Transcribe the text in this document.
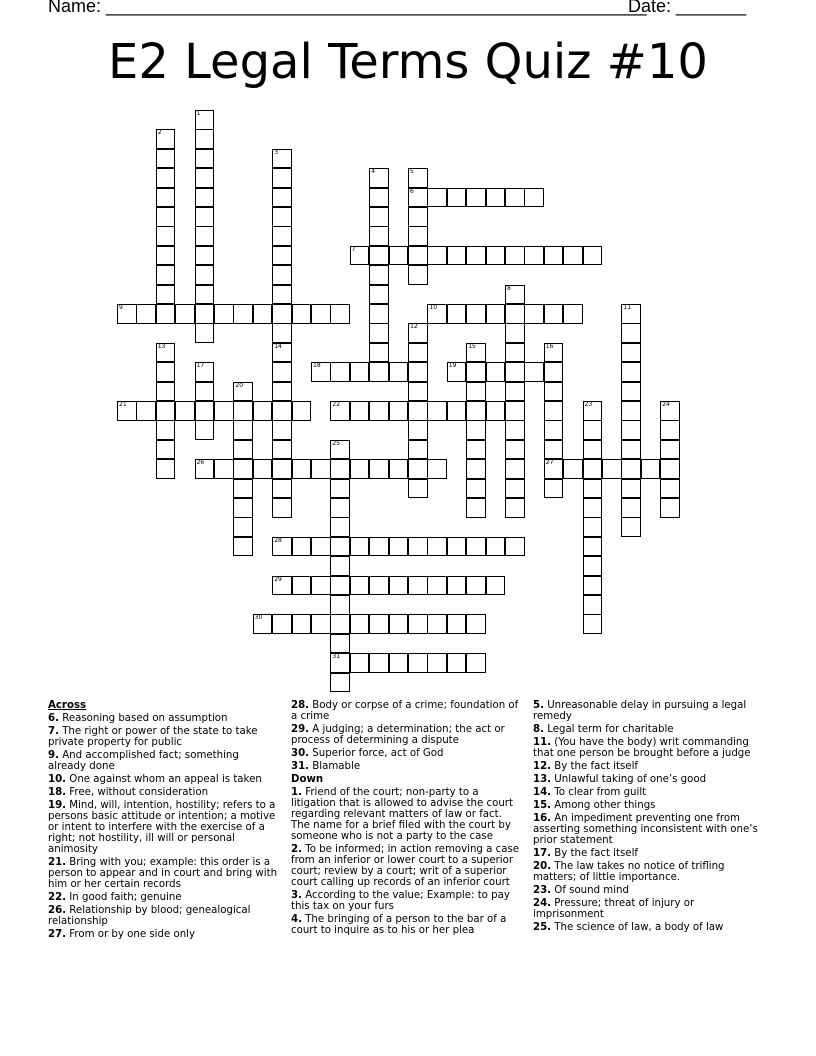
Name: ______________________________________________________
Date: _______
E2 Legal Terms Quiz #10
1
2
3
14
4	5
6
7
8
9	10	11
12
13	15	16
27
17	18	19
20
21	22	23	24
25
31
26
28
29
30
Across
6. Reasoning based on assumption
7. The right or power of the state to take private property for public
9. And accomplished fact; something already done
10. One against whom an appeal is taken
18. Free, without consideration
19. Mind, will, intention, hostility; refers to a persons basic attitude or intention; a motive or intent to interfere with the exercise of a right; not hostility, ill will or personal animosity
21. Bring with you; example: this order is a person to appear and in court and bring with him or her certain records
22. In good faith; genuine
26. Relationship by blood; genealogical relationship
27. From or by one side only
28. Body or corpse of a crime; foundation of a crime
29. A judging; a determination; the act or process of determining a dispute
30. Superior force, act of God
31. Blamable
Down
1. Friend of the court; non-party to a litigation that is allowed to advise the court regarding relevant matters of law or fact. The name for a brief filed with the court by someone who is not a party to the case
2. To be informed; in action removing a case from an inferior or lower court to a superior court; review by a court; writ of a superior court calling up records of an inferior court
3. According to the value; Example: to pay this tax on your furs
4. The bringing of a person to the bar of a court to inquire as to his or her plea
5. Unreasonable delay in pursuing a legal remedy
8. Legal term for charitable
11. (You have the body) writ commanding that one person be brought before a judge
12. By the fact itself
13. Unlawful taking of one’s good
14. To clear from guilt
15. Among other things
16. An impediment preventing one from asserting something inconsistent with one’s prior statement
17. By the fact itself
20. The law takes no notice of trifling matters; of little importance.
23. Of sound mind
24. Pressure; threat of injury or imprisonment
25. The science of law, a body of law
